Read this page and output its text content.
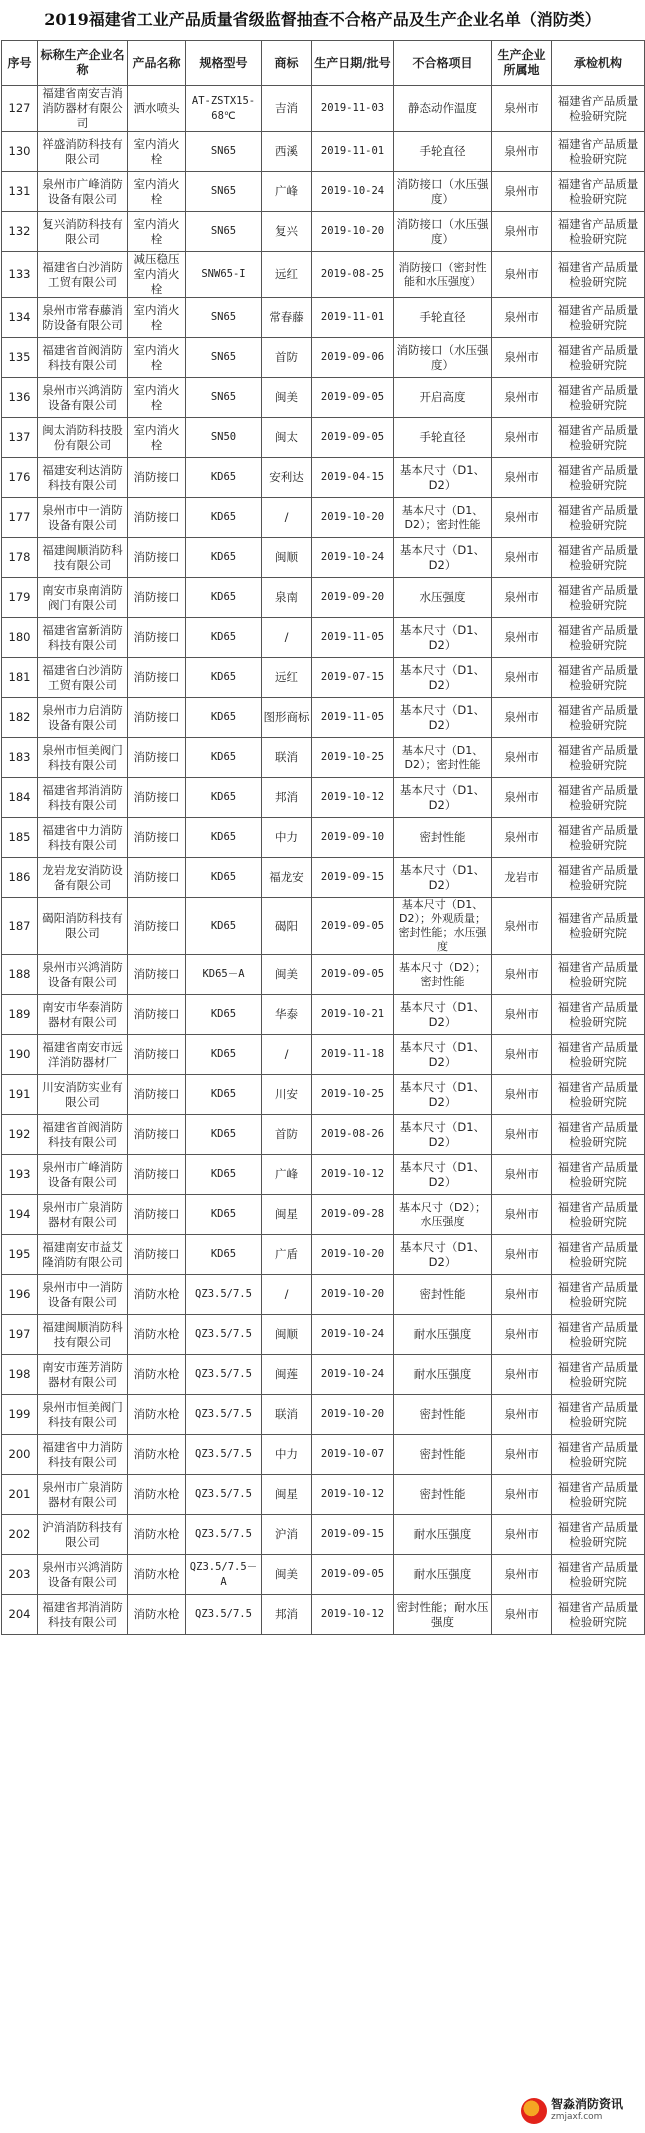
2019福建省工业产品质量省级监督抽查不合格产品及生产企业名单（消防类）
序号	标称生产企业名称	产品名称	规格型号	商标	生产日期/批号	不合格项目	生产企业所属地	承检机构
127	福建省南安吉消消防器材有限公司	洒水喷头	AT-ZSTX15-68℃	吉消	2019-11-03	静态动作温度	泉州市	福建省产品质量检验研究院
130	祥盛消防科技有限公司	室内消火栓	SN65	西溪	2019-11-01	手轮直径	泉州市	福建省产品质量检验研究院
131	泉州市广峰消防设备有限公司	室内消火栓	SN65	广峰	2019-10-24	消防接口（水压强度）	泉州市	福建省产品质量检验研究院
132	复兴消防科技有限公司	室内消火栓	SN65	复兴	2019-10-20	消防接口（水压强度）	泉州市	福建省产品质量检验研究院
133	福建省白沙消防工贸有限公司	减压稳压室内消火栓	SNW65-I	远红	2019-08-25	消防接口（密封性能和水压强度）	泉州市	福建省产品质量检验研究院
134	泉州市常春藤消防设备有限公司	室内消火栓	SN65	常春藤	2019-11-01	手轮直径	泉州市	福建省产品质量检验研究院
135	福建省首阀消防科技有限公司	室内消火栓	SN65	首防	2019-09-06	消防接口（水压强度）	泉州市	福建省产品质量检验研究院
136	泉州市兴鸿消防设备有限公司	室内消火栓	SN65	闽美	2019-09-05	开启高度	泉州市	福建省产品质量检验研究院
137	闽太消防科技股份有限公司	室内消火栓	SN50	闽太	2019-09-05	手轮直径	泉州市	福建省产品质量检验研究院
176	福建安利达消防科技有限公司	消防接口	KD65	安利达	2019-04-15	基本尺寸（D1、D2）	泉州市	福建省产品质量检验研究院
177	泉州市中一消防设备有限公司	消防接口	KD65	/	2019-10-20	基本尺寸（D1、D2）；密封性能	泉州市	福建省产品质量检验研究院
178	福建闽顺消防科技有限公司	消防接口	KD65	闽顺	2019-10-24	基本尺寸（D1、D2）	泉州市	福建省产品质量检验研究院
179	南安市泉南消防阀门有限公司	消防接口	KD65	泉南	2019-09-20	水压强度	泉州市	福建省产品质量检验研究院
180	福建省富新消防科技有限公司	消防接口	KD65	/	2019-11-05	基本尺寸（D1、D2）	泉州市	福建省产品质量检验研究院
181	福建省白沙消防工贸有限公司	消防接口	KD65	远红	2019-07-15	基本尺寸（D1、D2）	泉州市	福建省产品质量检验研究院
182	泉州市力启消防设备有限公司	消防接口	KD65	图形商标	2019-11-05	基本尺寸（D1、D2）	泉州市	福建省产品质量检验研究院
183	泉州市恒美阀门科技有限公司	消防接口	KD65	联消	2019-10-25	基本尺寸（D1、D2）；密封性能	泉州市	福建省产品质量检验研究院
184	福建省邦消消防科技有限公司	消防接口	KD65	邦消	2019-10-12	基本尺寸（D1、D2）	泉州市	福建省产品质量检验研究院
185	福建省中力消防科技有限公司	消防接口	KD65	中力	2019-09-10	密封性能	泉州市	福建省产品质量检验研究院
186	龙岩龙安消防设备有限公司	消防接口	KD65	福龙安	2019-09-15	基本尺寸（D1、D2）	龙岩市	福建省产品质量检验研究院
187	碣阳消防科技有限公司	消防接口	KD65	碣阳	2019-09-05	基本尺寸（D1、D2）；外观质量；密封性能；水压强度	泉州市	福建省产品质量检验研究院
188	泉州市兴鸿消防设备有限公司	消防接口	KD65－A	闽美	2019-09-05	基本尺寸（D2）；密封性能	泉州市	福建省产品质量检验研究院
189	南安市华泰消防器材有限公司	消防接口	KD65	华泰	2019-10-21	基本尺寸（D1、D2）	泉州市	福建省产品质量检验研究院
190	福建省南安市远洋消防器材厂	消防接口	KD65	/	2019-11-18	基本尺寸（D1、D2）	泉州市	福建省产品质量检验研究院
191	川安消防实业有限公司	消防接口	KD65	川安	2019-10-25	基本尺寸（D1、D2）	泉州市	福建省产品质量检验研究院
192	福建省首阀消防科技有限公司	消防接口	KD65	首防	2019-08-26	基本尺寸（D1、D2）	泉州市	福建省产品质量检验研究院
193	泉州市广峰消防设备有限公司	消防接口	KD65	广峰	2019-10-12	基本尺寸（D1、D2）	泉州市	福建省产品质量检验研究院
194	泉州市广泉消防器材有限公司	消防接口	KD65	闽星	2019-09-28	基本尺寸（D2）；水压强度	泉州市	福建省产品质量检验研究院
195	福建南安市益艾隆消防有限公司	消防接口	KD65	广盾	2019-10-20	基本尺寸（D1、D2）	泉州市	福建省产品质量检验研究院
196	泉州市中一消防设备有限公司	消防水枪	QZ3.5/7.5	/	2019-10-20	密封性能	泉州市	福建省产品质量检验研究院
197	福建闽顺消防科技有限公司	消防水枪	QZ3.5/7.5	闽顺	2019-10-24	耐水压强度	泉州市	福建省产品质量检验研究院
198	南安市莲芳消防器材有限公司	消防水枪	QZ3.5/7.5	闽莲	2019-10-24	耐水压强度	泉州市	福建省产品质量检验研究院
199	泉州市恒美阀门科技有限公司	消防水枪	QZ3.5/7.5	联消	2019-10-20	密封性能	泉州市	福建省产品质量检验研究院
200	福建省中力消防科技有限公司	消防水枪	QZ3.5/7.5	中力	2019-10-07	密封性能	泉州市	福建省产品质量检验研究院
201	泉州市广泉消防器材有限公司	消防水枪	QZ3.5/7.5	闽星	2019-10-12	密封性能	泉州市	福建省产品质量检验研究院
202	沪消消防科技有限公司	消防水枪	QZ3.5/7.5	沪消	2019-09-15	耐水压强度	泉州市	福建省产品质量检验研究院
203	泉州市兴鸿消防设备有限公司	消防水枪	QZ3.5/7.5－A	闽美	2019-09-05	耐水压强度	泉州市	福建省产品质量检验研究院
204	福建省邦消消防科技有限公司	消防水枪	QZ3.5/7.5	邦消	2019-10-12	密封性能；耐水压强度	泉州市	福建省产品质量检验研究院
智淼消防资讯
zmjaxf.com
